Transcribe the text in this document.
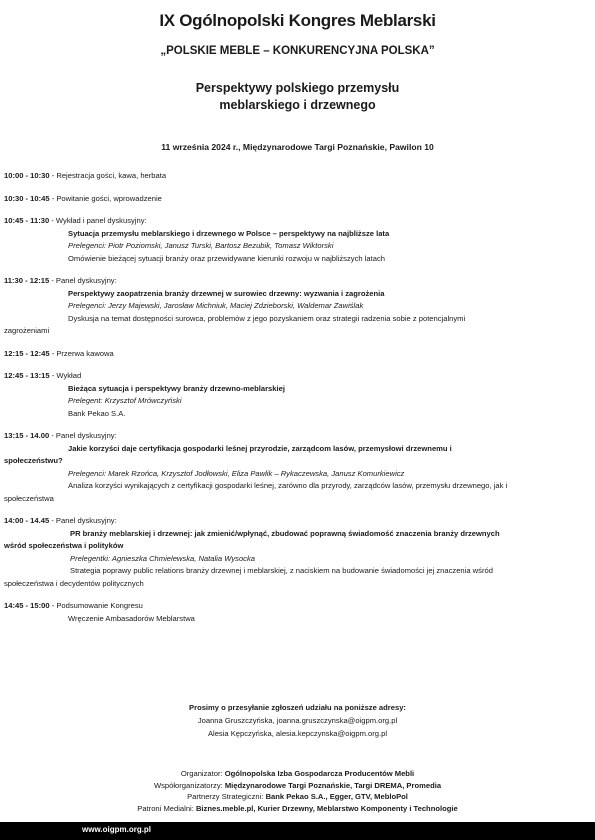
IX Ogólnopolski Kongres Meblarski
„POLSKIE MEBLE – KONKURENCYJNA POLSKA”
Perspektywy polskiego przemysłu
meblarskiego i drzewnego
11 września 2024 r., Międzynarodowe Targi Poznańskie, Pawilon 10
10:00 - 10:30 - Rejestracja gości, kawa, herbata
10:30 - 10:45 - Powitanie gości, wprowadzenie
10:45 - 11:30 - Wykład i panel dyskusyjny:
Sytuacja przemysłu meblarskiego i drzewnego w Polsce – perspektywy na najbliższe lata
Prelegenci: Piotr Poziomski, Janusz Turski, Bartosz Bezubik, Tomasz Wiktorski
Omówienie bieżącej sytuacji branży oraz przewidywane kierunki rozwoju w najbliższych latach
11:30 - 12:15 - Panel dyskusyjny:
Perspektywy zaopatrzenia branży drzewnej w surowiec drzewny: wyzwania i zagrożenia
Prelegenci: Jerzy Majewski, Jarosław Michniuk, Maciej Zdzieborski, Waldemar Zawiślak
Dyskusja na temat dostępności surowca, problemów z jego pozyskaniem oraz strategii radzenia sobie z potencjalnymi
zagrożeniami
12:15 - 12:45 - Przerwa kawowa
12:45 - 13:15 - Wykład
Bieżąca sytuacja i perspektywy branży drzewno-meblarskiej
Prelegent: Krzysztof Mrówczyński
Bank Pekao S.A.
13:15 - 14.00 - Panel dyskusyjny:
Jakie korzyści daje certyfikacja gospodarki leśnej przyrodzie, zarządcom lasów, przemysłowi drzewnemu i
społeczeństwu?
Prelegenci: Marek Rzońca, Krzysztof Jodłowski, Eliza Pawlik – Rykaczewska, Janusz Komurkiewicz
Analiza korzyści wynikających z certyfikacji gospodarki leśnej, zarówno dla przyrody, zarządców lasów, przemysłu drzewnego, jak i
społeczeństwa
14:00 - 14.45 - Panel dyskusyjny:
PR branży meblarskiej i drzewnej: jak zmienić/wpłynąć, zbudować poprawną świadomość znaczenia branży drzewnych
wśród społeczeństwa i polityków
Prelegentki: Agnieszka Chmielewska, Natalia Wysocka
Strategia poprawy public relations branży drzewnej i meblarskiej, z naciskiem na budowanie świadomości jej znaczenia wśród
społeczeństwa i decydentów politycznych
14:45 - 15:00 - Podsumowanie Kongresu
Wręczenie Ambasadorów Meblarstwa
Prosimy o przesyłanie zgłoszeń udziału na poniższe adresy:
Joanna Gruszczyńska, joanna.gruszczynska@oigpm.org.pl
Alesia Kępczyńska, alesia.kepczynska@oigpm.org.pl
Organizator: Ogólnopolska Izba Gospodarcza Producentów Mebli
Współorganizatorzy: Międzynarodowe Targi Poznańskie, Targi DREMA, Promedia
Partnerzy Strategiczni: Bank Pekao S.A., Egger, GTV, MebloPol
Patroni Medialni: Biznes.meble.pl, Kurier Drzewny, Meblarstwo Komponenty i Technologie
www.oigpm.org.pl
